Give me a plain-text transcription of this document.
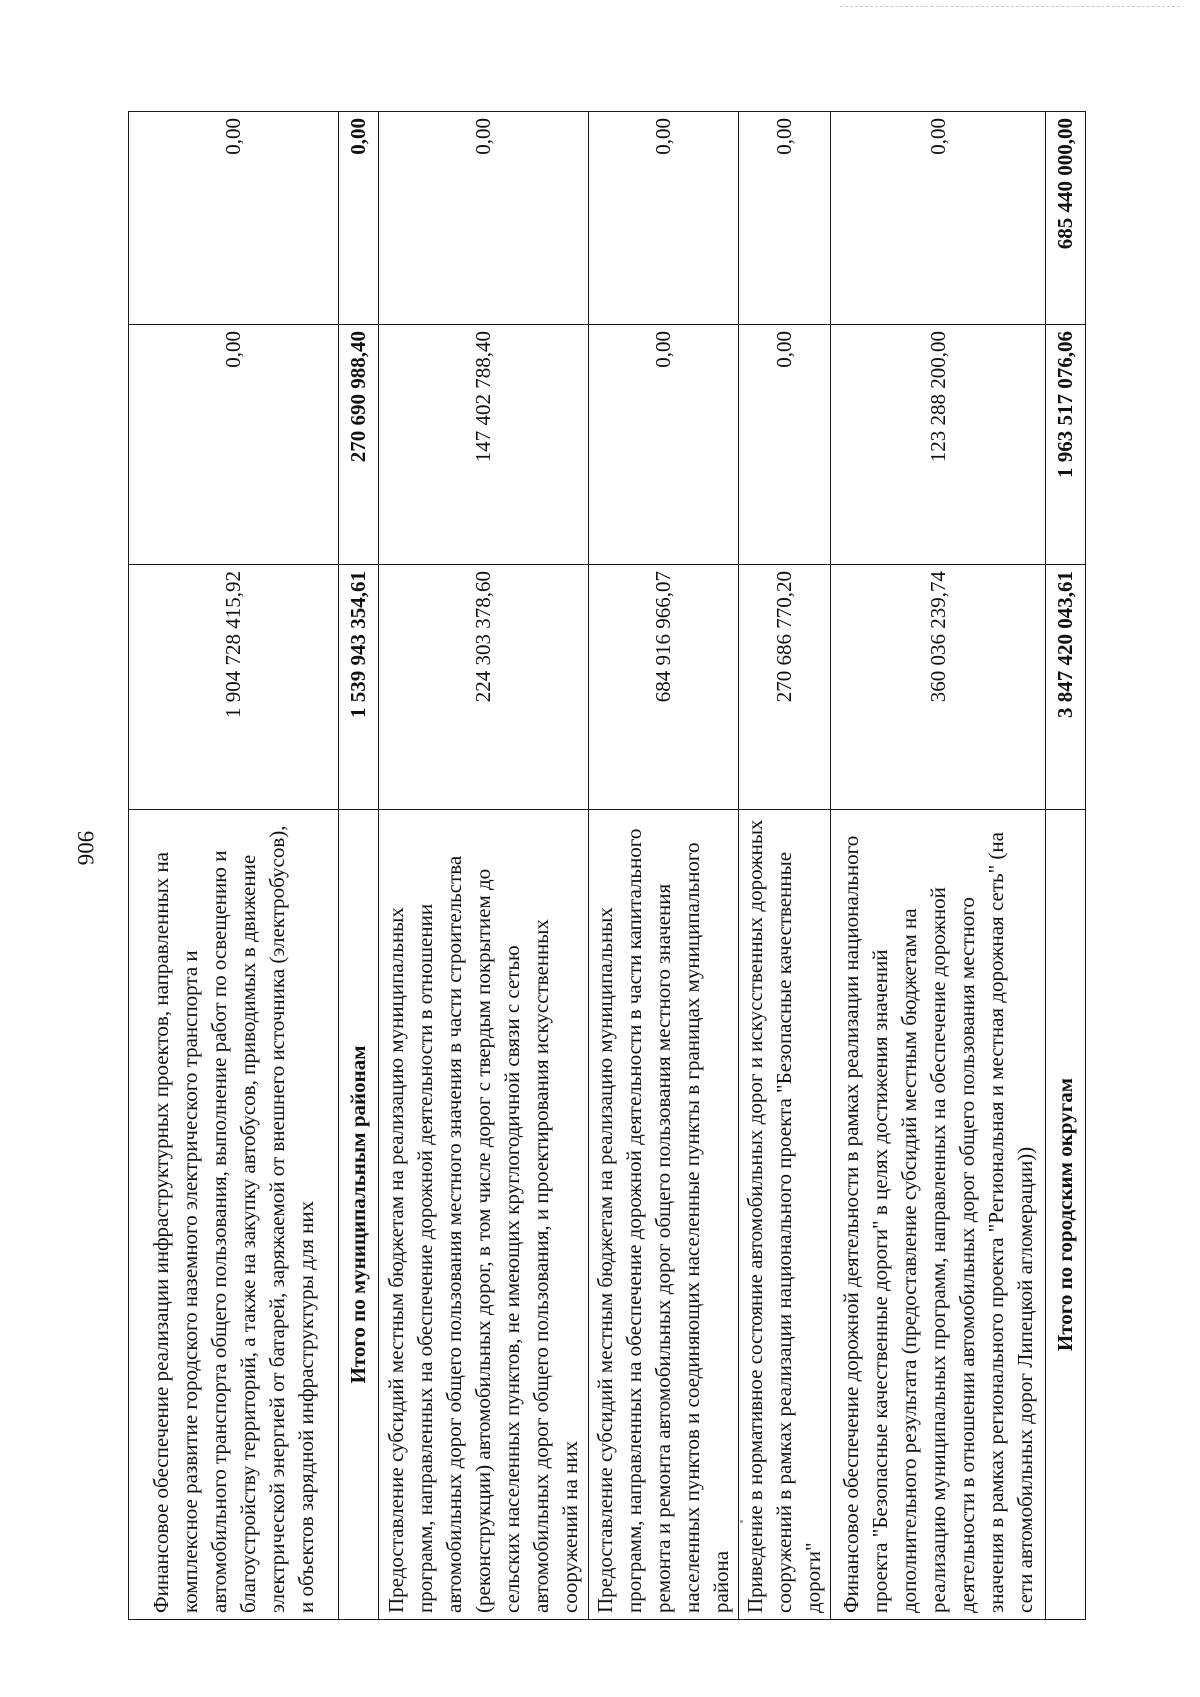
906
Финансовое обеспечение реализации инфраструктурных проектов, направленных на комплексное развитие городского наземного электрического транспорта и автомобильного транспорта общего пользования, выполнение работ по освещению и благоустройству территорий, а также на закупку автобусов, приводимых в движение электрической энергией от батарей, заряжаемой от внешнего источника (электробусов), и объектов зарядной инфраструктуры для них	1 904 728 415,92	0,00	0,00
Итого по муниципальным районам	1 539 943 354,61	270 690 988,40	0,00
Предоставление субсидий местным бюджетам на реализацию муниципальных программ, направленных на обеспечение дорожной деятельности в отношении автомобильных дорог общего пользования местного значения в части строительства (реконструкции) автомобильных дорог, в том числе дорог с твердым покрытием до сельских населенных пунктов, не имеющих круглогодичной связи с сетью автомобильных дорог общего пользования, и проектирования искусственных сооружений на них	224 303 378,60	147 402 788,40	0,00
Предоставление субсидий местным бюджетам на реализацию муниципальных программ, направленных на обеспечение дорожной деятельности в части капитального ремонта и ремонта автомобильных дорог общего пользования местного значения населенных пунктов и соединяющих населенные пункты в границах муниципального района	684 916 966,07	0,00	0,00
Приведение в нормативное состояние автомобильных дорог и искусственных дорожных сооружений в рамках реализации национального проекта "Безопасные качественные дороги"	270 686 770,20	0,00	0,00
Финансовое обеспечение дорожной деятельности в рамках реализации национального проекта "Безопасные качественные дороги" в целях достижения значений дополнительного результата (предоставление субсидий местным бюджетам на реализацию муниципальных программ, направленных на обеспечение дорожной деятельности в отношении автомобильных дорог общего пользования местного значения в рамках регионального проекта "Региональная и местная дорожная сеть" (на сети автомобильных дорог Липецкой агломерации))	360 036 239,74	123 288 200,00	0,00
Итого по городским округам	3 847 420 043,61	1 963 517 076,06	685 440 000,00
